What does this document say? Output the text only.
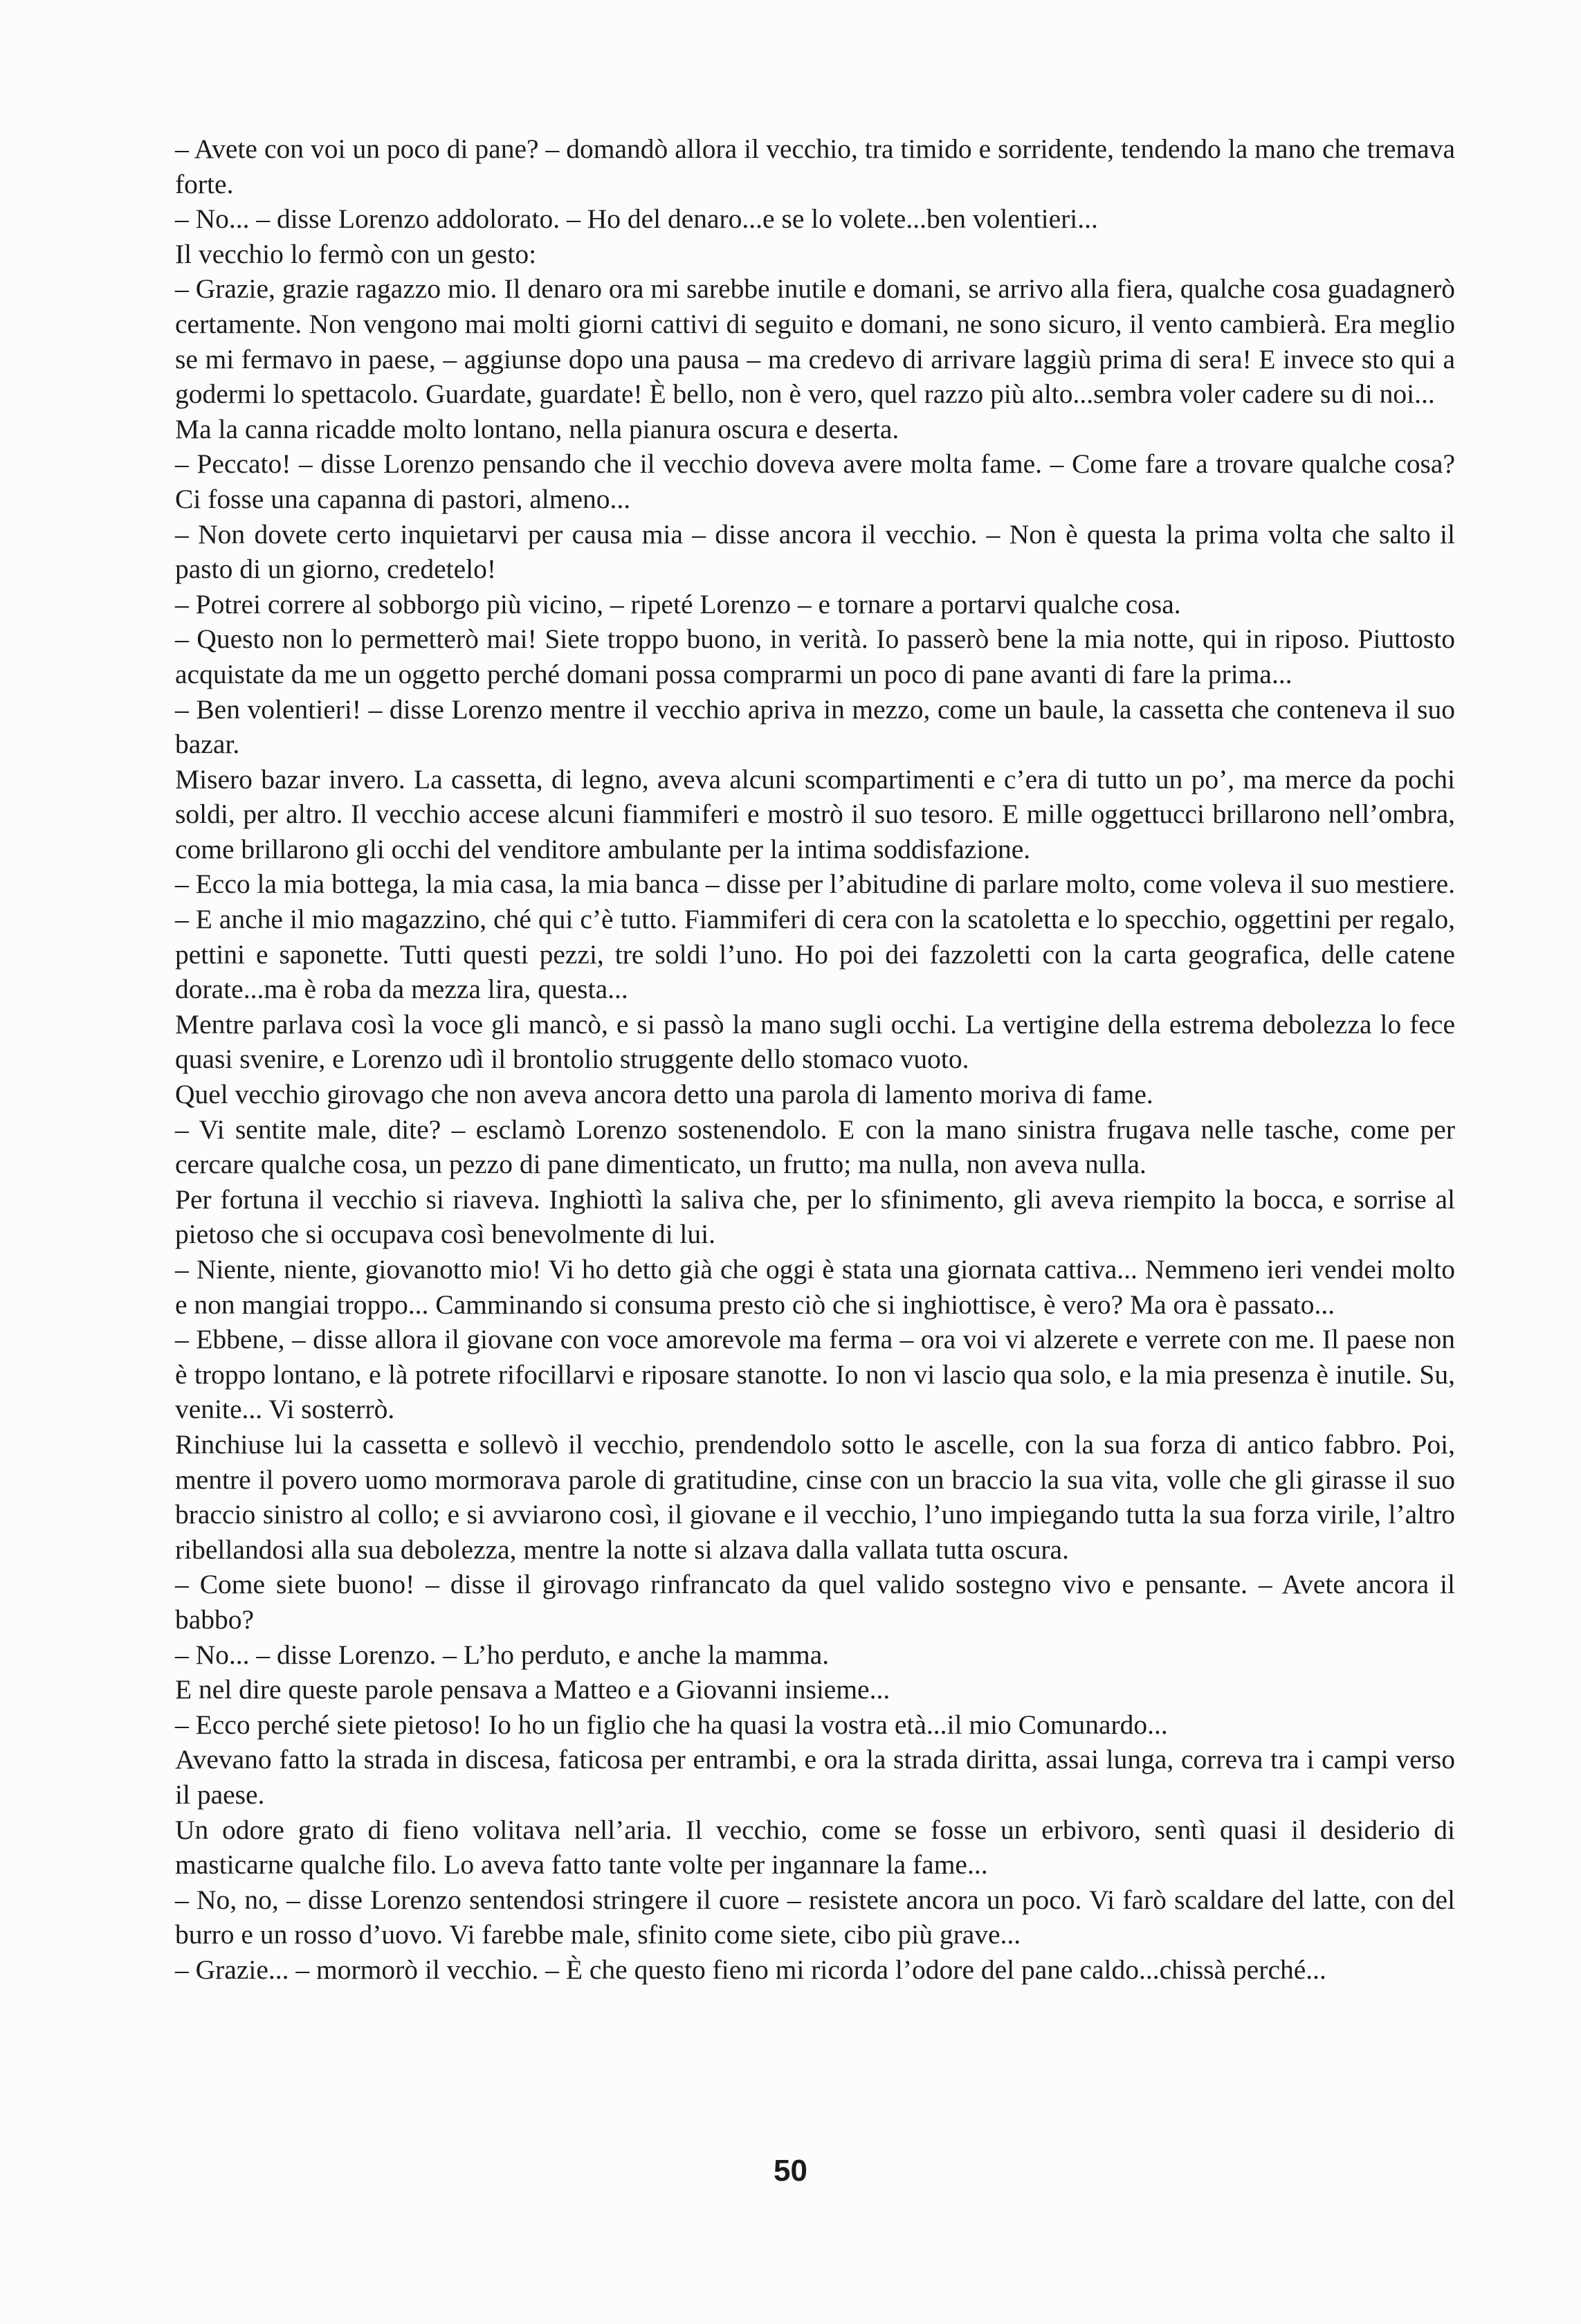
– Avete con voi un poco di pane? – domandò allora il vecchio, tra timido e sorridente, tendendo la mano che tremava forte.

– No... – disse Lorenzo addolorato. – Ho del denaro...e se lo volete...ben volentieri...

Il vecchio lo fermò con un gesto:

– Grazie, grazie ragazzo mio. Il denaro ora mi sarebbe inutile e domani, se arrivo alla fiera, qualche cosa guadagnerò certamente. Non vengono mai molti giorni cattivi di seguito e domani, ne sono sicuro, il vento cambierà. Era meglio se mi fermavo in paese, – aggiunse dopo una pausa – ma credevo di arrivare laggiù prima di sera! E invece sto qui a godermi lo spettacolo. Guardate, guardate! È bello, non è vero, quel razzo più alto...sembra voler cadere su di noi...

Ma la canna ricadde molto lontano, nella pianura oscura e deserta.

– Peccato! – disse Lorenzo pensando che il vecchio doveva avere molta fame. – Come fare a trovare qualche cosa? Ci fosse una capanna di pastori, almeno...

– Non dovete certo inquietarvi per causa mia – disse ancora il vecchio. – Non è questa la prima volta che salto il pasto di un giorno, credetelo!

– Potrei correre al sobborgo più vicino, – ripeté Lorenzo – e tornare a portarvi qualche cosa.

– Questo non lo permetterò mai! Siete troppo buono, in verità. Io passerò bene la mia notte, qui in riposo. Piuttosto acquistate da me un oggetto perché domani possa comprarmi un poco di pane avanti di fare la prima...

– Ben volentieri! – disse Lorenzo mentre il vecchio apriva in mezzo, come un baule, la cassetta che conteneva il suo bazar.

Misero bazar invero. La cassetta, di legno, aveva alcuni scompartimenti e c’era di tutto un po’, ma merce da pochi soldi, per altro. Il vecchio accese alcuni fiammiferi e mostrò il suo tesoro. E mille oggettucci brillarono nell’ombra, come brillarono gli occhi del venditore ambulante per la intima soddisfazione.

– Ecco la mia bottega, la mia casa, la mia banca – disse per l’abitudine di parlare molto, come voleva il suo mestiere. – E anche il mio magazzino, ché qui c’è tutto. Fiammiferi di cera con la scatoletta e lo specchio, oggettini per regalo, pettini e saponette. Tutti questi pezzi, tre soldi l’uno. Ho poi dei fazzoletti con la carta geografica, delle catene dorate...ma è roba da mezza lira, questa...

Mentre parlava così la voce gli mancò, e si passò la mano sugli occhi. La vertigine della estrema debolezza lo fece quasi svenire, e Lorenzo udì il brontolio struggente dello stomaco vuoto.

Quel vecchio girovago che non aveva ancora detto una parola di lamento moriva di fame.

– Vi sentite male, dite? – esclamò Lorenzo sostenendolo. E con la mano sinistra frugava nelle tasche, come per cercare qualche cosa, un pezzo di pane dimenticato, un frutto; ma nulla, non aveva nulla.

Per fortuna il vecchio si riaveva. Inghiottì la saliva che, per lo sfinimento, gli aveva riempito la bocca, e sorrise al pietoso che si occupava così benevolmente di lui.

– Niente, niente, giovanotto mio! Vi ho detto già che oggi è stata una giornata cattiva... Nemmeno ieri vendei molto e non mangiai troppo... Camminando si consuma presto ciò che si inghiottisce, è vero? Ma ora è passato...

– Ebbene, – disse allora il giovane con voce amorevole ma ferma – ora voi vi alzerete e verrete con me. Il paese non è troppo lontano, e là potrete rifocillarvi e riposare stanotte. Io non vi lascio qua solo, e la mia presenza è inutile. Su, venite... Vi sosterrò.

Rinchiuse lui la cassetta e sollevò il vecchio, prendendolo sotto le ascelle, con la sua forza di antico fabbro. Poi, mentre il povero uomo mormorava parole di gratitudine, cinse con un braccio la sua vita, volle che gli girasse il suo braccio sinistro al collo; e si avviarono così, il giovane e il vecchio, l’uno impiegando tutta la sua forza virile, l’altro ribellandosi alla sua debolezza, mentre la notte si alzava dalla vallata tutta oscura.

– Come siete buono! – disse il girovago rinfrancato da quel valido sostegno vivo e pensante. – Avete ancora il babbo?

– No... – disse Lorenzo. – L’ho perduto, e anche la mamma.

E nel dire queste parole pensava a Matteo e a Giovanni insieme...

– Ecco perché siete pietoso! Io ho un figlio che ha quasi la vostra età...il mio Comunardo...

Avevano fatto la strada in discesa, faticosa per entrambi, e ora la strada diritta, assai lunga, correva tra i campi verso il paese.

Un odore grato di fieno volitava nell’aria. Il vecchio, come se fosse un erbivoro, sentì quasi il desiderio di masticarne qualche filo. Lo aveva fatto tante volte per ingannare la fame...

– No, no, – disse Lorenzo sentendosi stringere il cuore – resistete ancora un poco. Vi farò scaldare del latte, con del burro e un rosso d’uovo. Vi farebbe male, sfinito come siete, cibo più grave...

– Grazie... – mormorò il vecchio. – È che questo fieno mi ricorda l’odore del pane caldo...chissà perché...

50
